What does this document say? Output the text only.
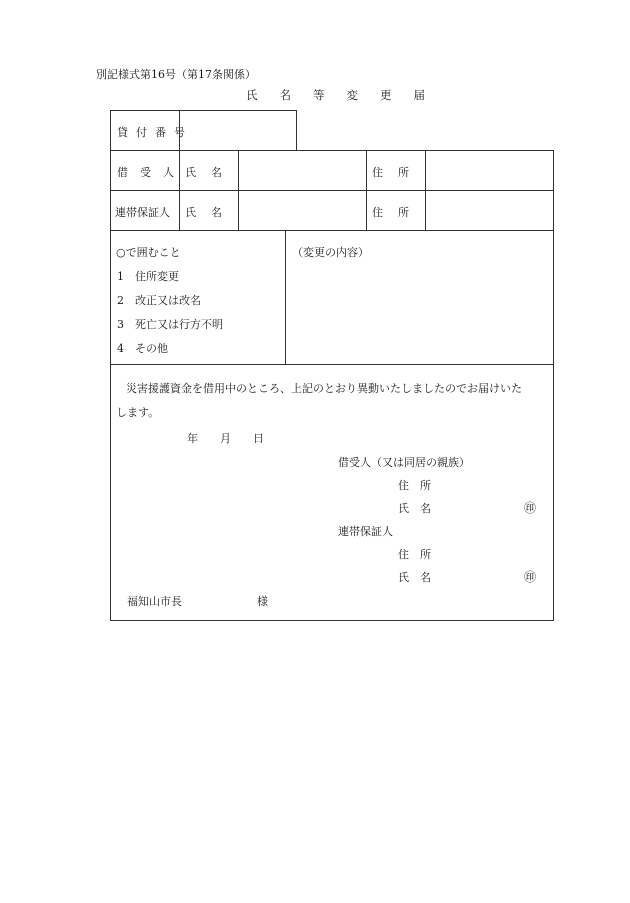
別記様式第16号（第17条関係）
氏 名 等 変 更 届
貸付番号
借受人 氏　名	住　所
連帯保証人 氏　名	住　所
○で囲むこと
1　住所変更
2　改正又は改名
3　死亡又は行方不明
4　その他
（変更の内容）
災害援護資金を借用中のところ、上記のとおり異動いたしましたのでお届けいた
します。
年　　月　　日
借受人（又は同居の親族）
住　所
氏　名	㊞
連帯保証人
住　所
氏　名	㊞
福知山市長	様
